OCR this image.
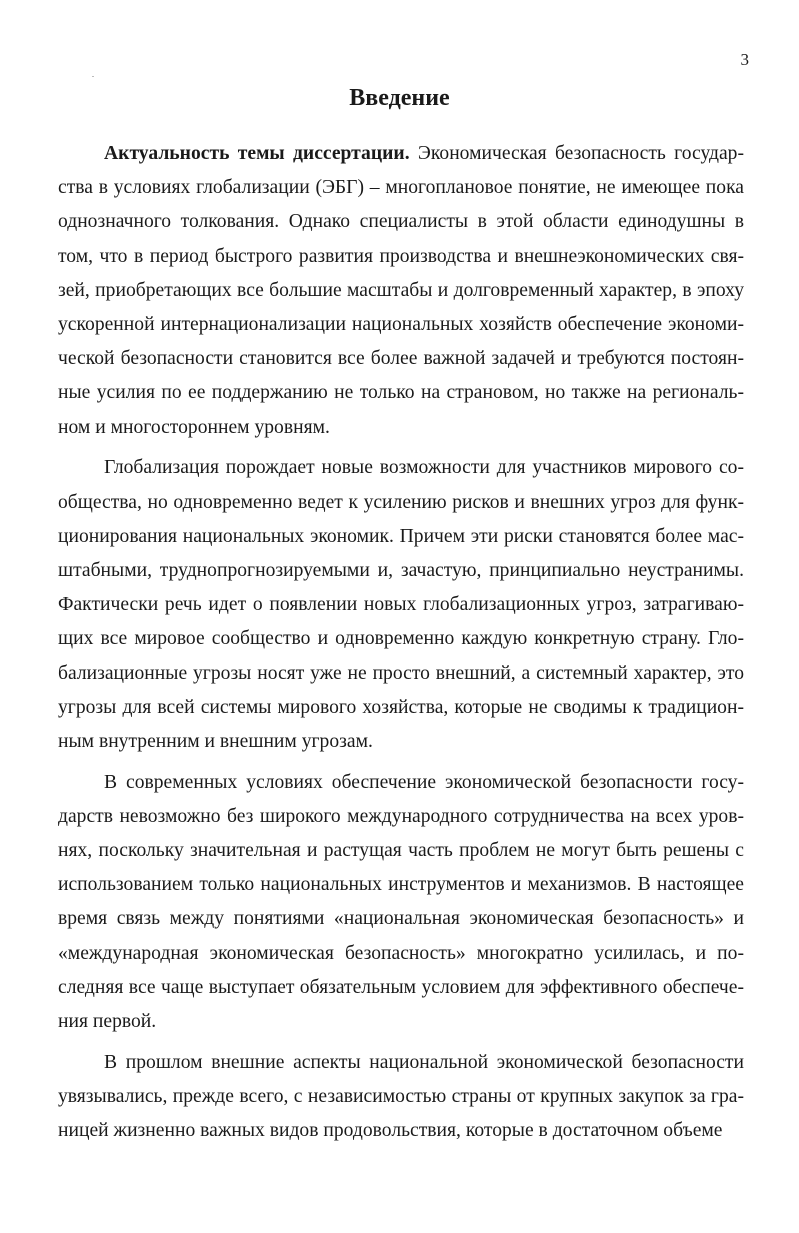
3
Введение

Актуальность темы диссертации. Экономическая безопасность государства в условиях глобализации (ЭБГ) – многоплановое понятие, не имеющее пока однозначного толкования. Однако специалисты в этой области единодушны в том, что в период быстрого развития производства и внешнеэкономических связей, приобретающих все большие масштабы и долговременный характер, в эпоху ускоренной интернационализации национальных хозяйств обеспечение экономической безопасности становится все более важной задачей и требуются постоянные усилия по ее поддержанию не только на страновом, но также на региональном и многостороннем уровням.

Глобализация порождает новые возможности для участников мирового сообщества, но одновременно ведет к усилению рисков и внешних угроз для функционирования национальных экономик. Причем эти риски становятся более масштабными, труднопрогнозируемыми и, зачастую, принципиально неустранимы. Фактически речь идет о появлении новых глобализационных угроз, затрагивающих все мировое сообщество и одновременно каждую конкретную страну. Глобализационные угрозы носят уже не просто внешний, а системный характер, это угрозы для всей системы мирового хозяйства, которые не сводимы к традиционным внутренним и внешним угрозам.

В современных условиях обеспечение экономической безопасности государств невозможно без широкого международного сотрудничества на всех уровнях, поскольку значительная и растущая часть проблем не могут быть решены с использованием только национальных инструментов и механизмов. В настоящее время связь между понятиями «национальная экономическая безопасность» и «международная экономическая безопасность» многократно усилилась, и последняя все чаще выступает обязательным условием для эффективного обеспечения первой.

В прошлом внешние аспекты национальной экономической безопасности увязывались, прежде всего, с независимостью страны от крупных закупок за границей жизненно важных видов продовольствия, которые в достаточном объеме
